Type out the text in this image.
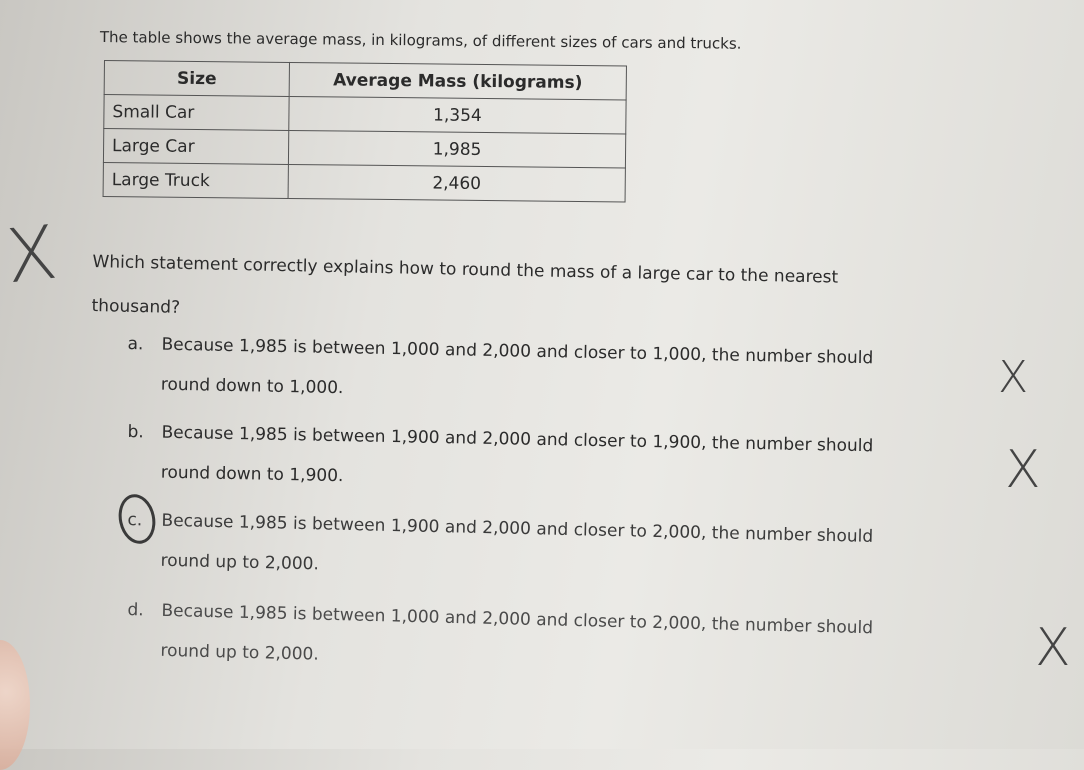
The table shows the average mass, in kilograms, of different sizes of cars and trucks.
Size	Average Mass (kilograms)
Small Car	1,354
Large Car	1,985
Large Truck	2,460
Which statement correctly explains how to round the mass of a large car to the nearest
thousand?
a. Because 1,985 is between 1,000 and 2,000 and closer to 1,000, the number should
round down to 1,000.
b. Because 1,985 is between 1,900 and 2,000 and closer to 1,900, the number should
round down to 1,900.
c. Because 1,985 is between 1,900 and 2,000 and closer to 2,000, the number should
round up to 2,000.
d. Because 1,985 is between 1,000 and 2,000 and closer to 2,000, the number should
round up to 2,000.
X
X
X
X
